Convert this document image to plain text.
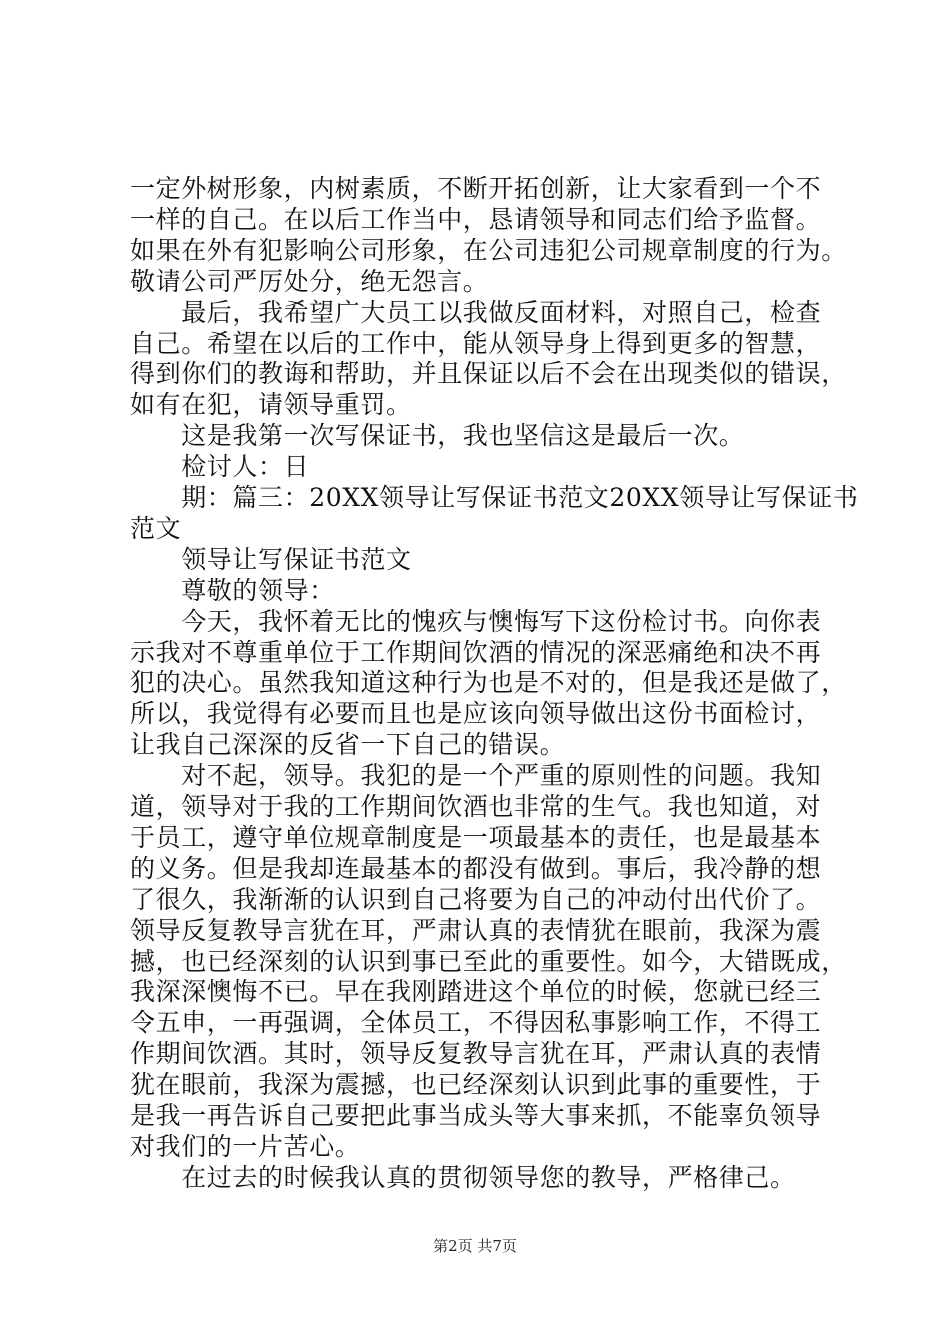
一定外树形象，内树素质，不断开拓创新，让大家看到一个不
一样的自己。在以后工作当中，恳请领导和同志们给予监督。
如果在外有犯影响公司形象，在公司违犯公司规章制度的行为。
敬请公司严厉处分，绝无怨言。
　　最后，我希望广大员工以我做反面材料，对照自己，检查
自己。希望在以后的工作中，能从领导身上得到更多的智慧，
得到你们的教诲和帮助，并且保证以后不会在出现类似的错误，
如有在犯，请领导重罚。
　　这是我第一次写保证书，我也坚信这是最后一次。
　　检讨人：日
　　期：篇三：20XX领导让写保证书范文20XX领导让写保证书
范文
　　领导让写保证书范文
　　尊敬的领导：
　　今天，我怀着无比的愧疚与懊悔写下这份检讨书。向你表
示我对不尊重单位于工作期间饮酒的情况的深恶痛绝和决不再
犯的决心。虽然我知道这种行为也是不对的，但是我还是做了，
所以，我觉得有必要而且也是应该向领导做出这份书面检讨，
让我自己深深的反省一下自己的错误。
　　对不起，领导。我犯的是一个严重的原则性的问题。我知
道，领导对于我的工作期间饮酒也非常的生气。我也知道，对
于员工，遵守单位规章制度是一项最基本的责任，也是最基本
的义务。但是我却连最基本的都没有做到。事后，我冷静的想
了很久，我渐渐的认识到自己将要为自己的冲动付出代价了。
领导反复教导言犹在耳，严肃认真的表情犹在眼前，我深为震
撼，也已经深刻的认识到事已至此的重要性。如今，大错既成，
我深深懊悔不已。早在我刚踏进这个单位的时候，您就已经三
令五申，一再强调，全体员工，不得因私事影响工作，不得工
作期间饮酒。其时，领导反复教导言犹在耳，严肃认真的表情
犹在眼前，我深为震撼，也已经深刻认识到此事的重要性，于
是我一再告诉自己要把此事当成头等大事来抓，不能辜负领导
对我们的一片苦心。
　　在过去的时候我认真的贯彻领导您的教导，严格律己。
第2页 共7页
